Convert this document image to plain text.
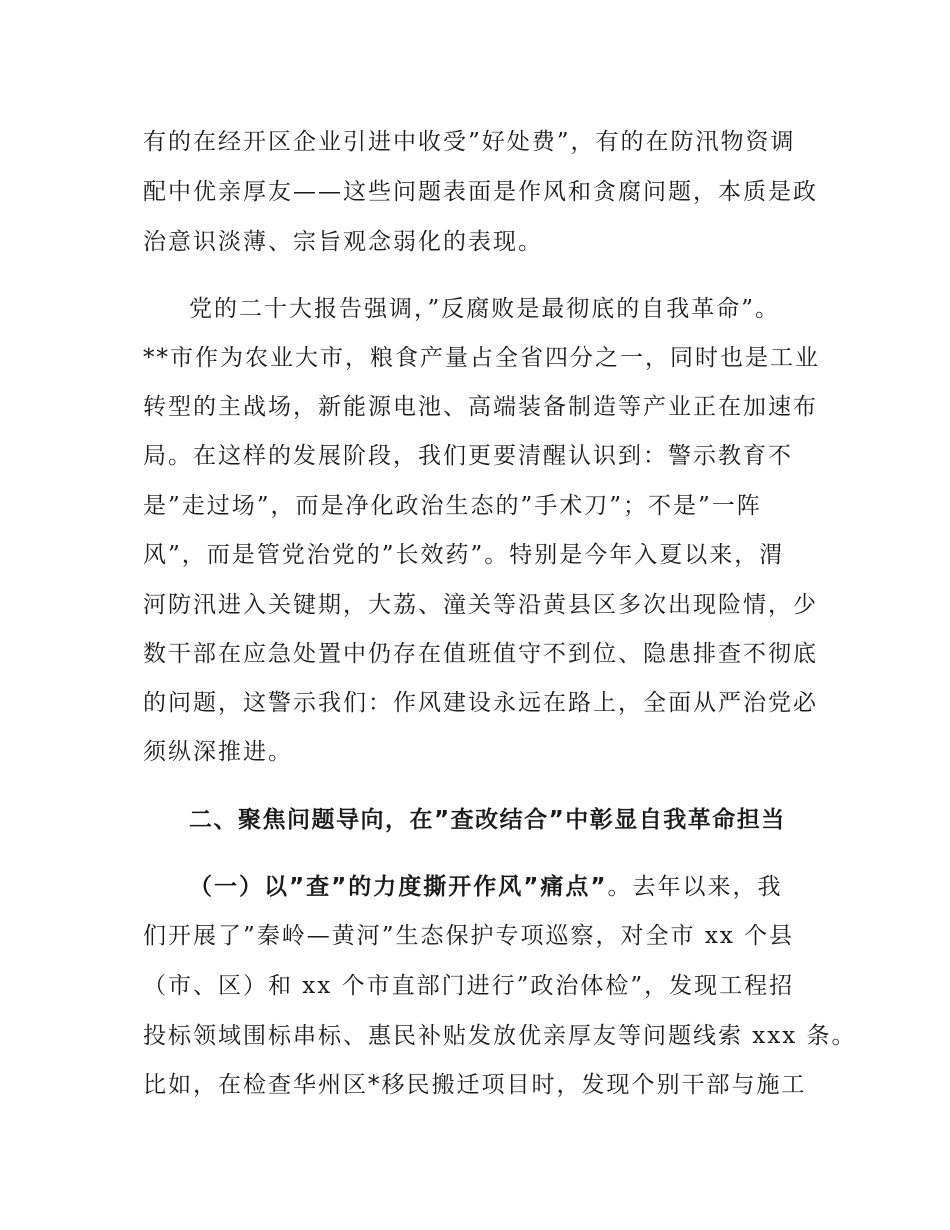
有的在经开区企业引进中收受”好处费”，有的在防汛物资调
配中优亲厚友——这些问题表面是作风和贪腐问题，本质是政
治意识淡薄、宗旨观念弱化的表现。
党的二十大报告强调，”反腐败是最彻底的自我革命”。
**市作为农业大市，粮食产量占全省四分之一，同时也是工业
转型的主战场，新能源电池、高端装备制造等产业正在加速布
局。在这样的发展阶段，我们更要清醒认识到：警示教育不
是”走过场”，而是净化政治生态的”手术刀”；不是”一阵
风”，而是管党治党的”长效药”。特别是今年入夏以来，渭
河防汛进入关键期，大荔、潼关等沿黄县区多次出现险情，少
数干部在应急处置中仍存在值班值守不到位、隐患排查不彻底
的问题，这警示我们：作风建设永远在路上，全面从严治党必
须纵深推进。
二、聚焦问题导向，在”查改结合”中彰显自我革命担当
（一）以”查”的力度撕开作风”痛点”。去年以来，我
们开展了”秦岭—黄河”生态保护专项巡察，对全市 xx 个县
（市、区）和 xx 个市直部门进行”政治体检”，发现工程招
投标领域围标串标、惠民补贴发放优亲厚友等问题线索 xxx 条。
比如，在检查华州区*移民搬迁项目时，发现个别干部与施工
